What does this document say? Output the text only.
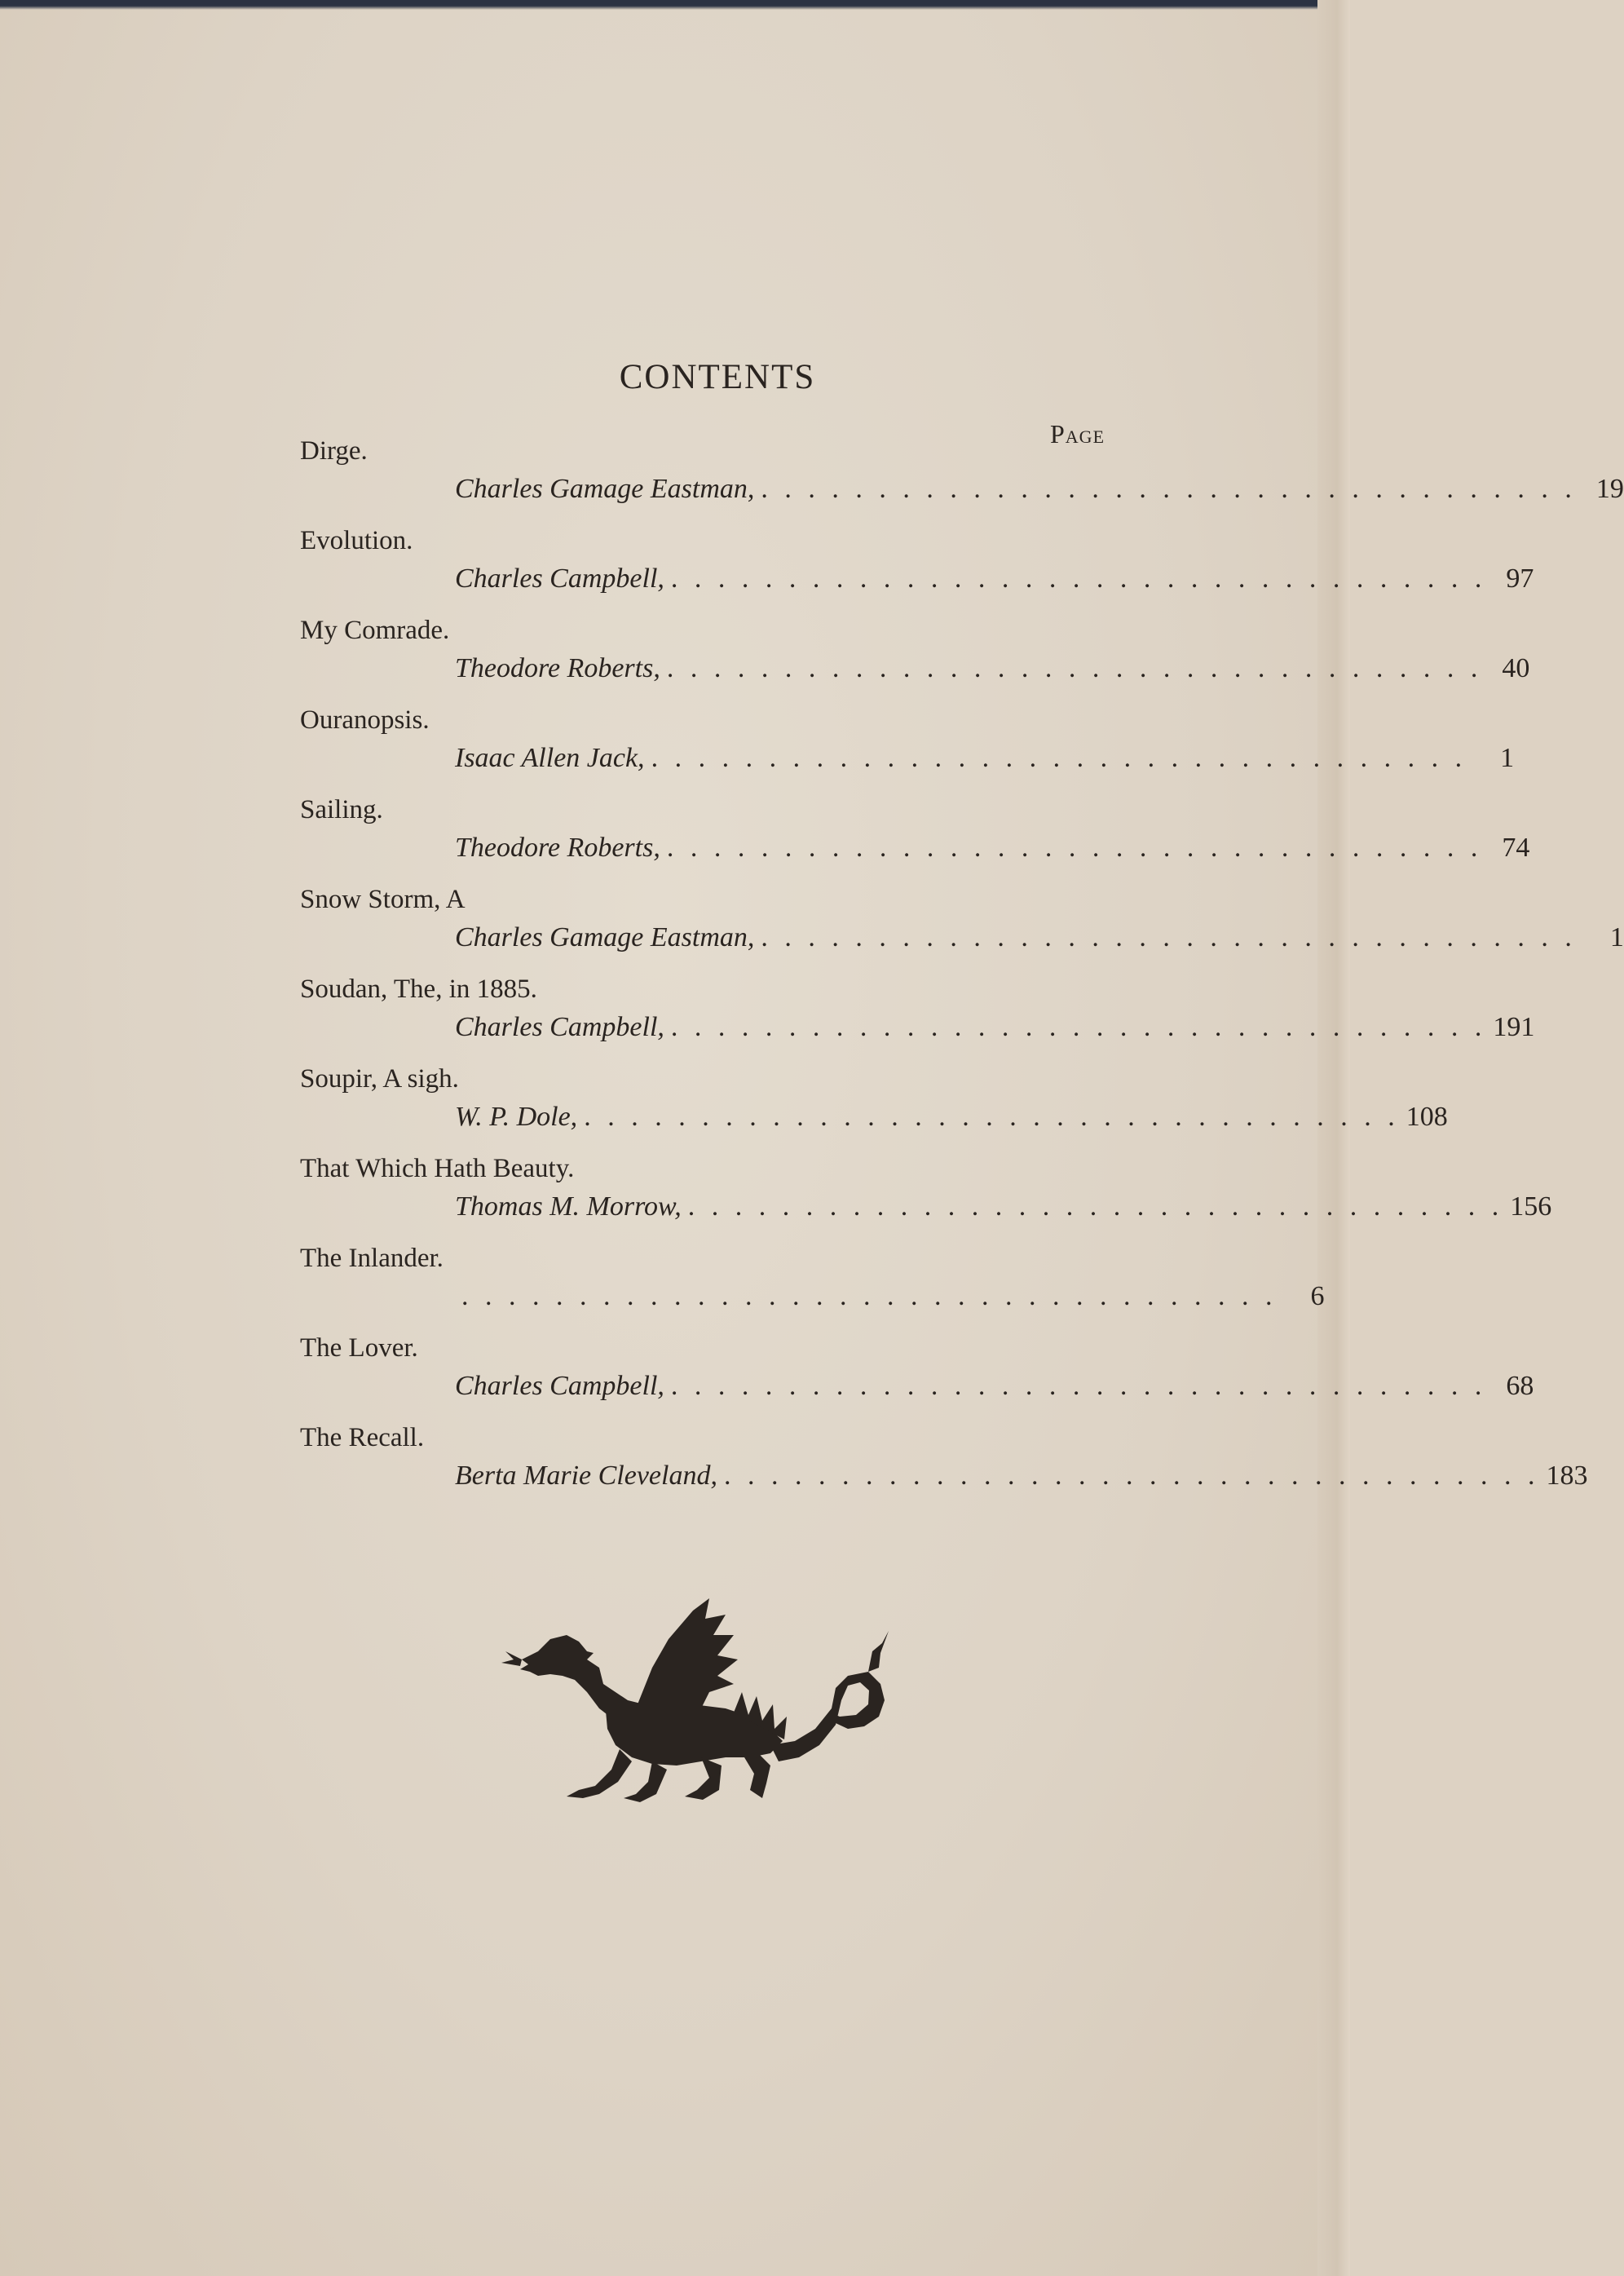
CONTENTS
Page
Dirge.
Charles Gamage Eastman, . . . . . . . . . . . . . . . . . . . . . . . . . . . . . . . . . . . 19
Evolution.
Charles Campbell, . . . . . . . . . . . . . . . . . . . . . . . . . . . . . . . . . . . 97
My Comrade.
Theodore Roberts, . . . . . . . . . . . . . . . . . . . . . . . . . . . . . . . . . . . 40
Ouranopsis.
Isaac Allen Jack, . . . . . . . . . . . . . . . . . . . . . . . . . . . . . . . . . . .	1
Sailing.
Theodore Roberts, . . . . . . . . . . . . . . . . . . . . . . . . . . . . . . . . . . . 74
Snow Storm, A
Charles Gamage Eastman, . . . . . . . . . . . . . . . . . . . . . . . . . . . . . . . . . . .	1
Soudan, The, in 1885.
Charles Campbell, . . . . . . . . . . . . . . . . . . . . . . . . . . . . . . . . . . . 191
Soupir, A sigh.
W. P. Dole, . . . . . . . . . . . . . . . . . . . . . . . . . . . . . . . . . . . 108
That Which Hath Beauty.
Thomas M. Morrow, . . . . . . . . . . . . . . . . . . . . . . . . . . . . . . . . . . . 156
The Inlander.
. . . . . . . . . . . . . . . . . . . . . . . . . . . . . . . . . . .	6
The Lover.
Charles Campbell, . . . . . . . . . . . . . . . . . . . . . . . . . . . . . . . . . . . 68
The Recall.
Berta Marie Cleveland, . . . . . . . . . . . . . . . . . . . . . . . . . . . . . . . . . . . 183
